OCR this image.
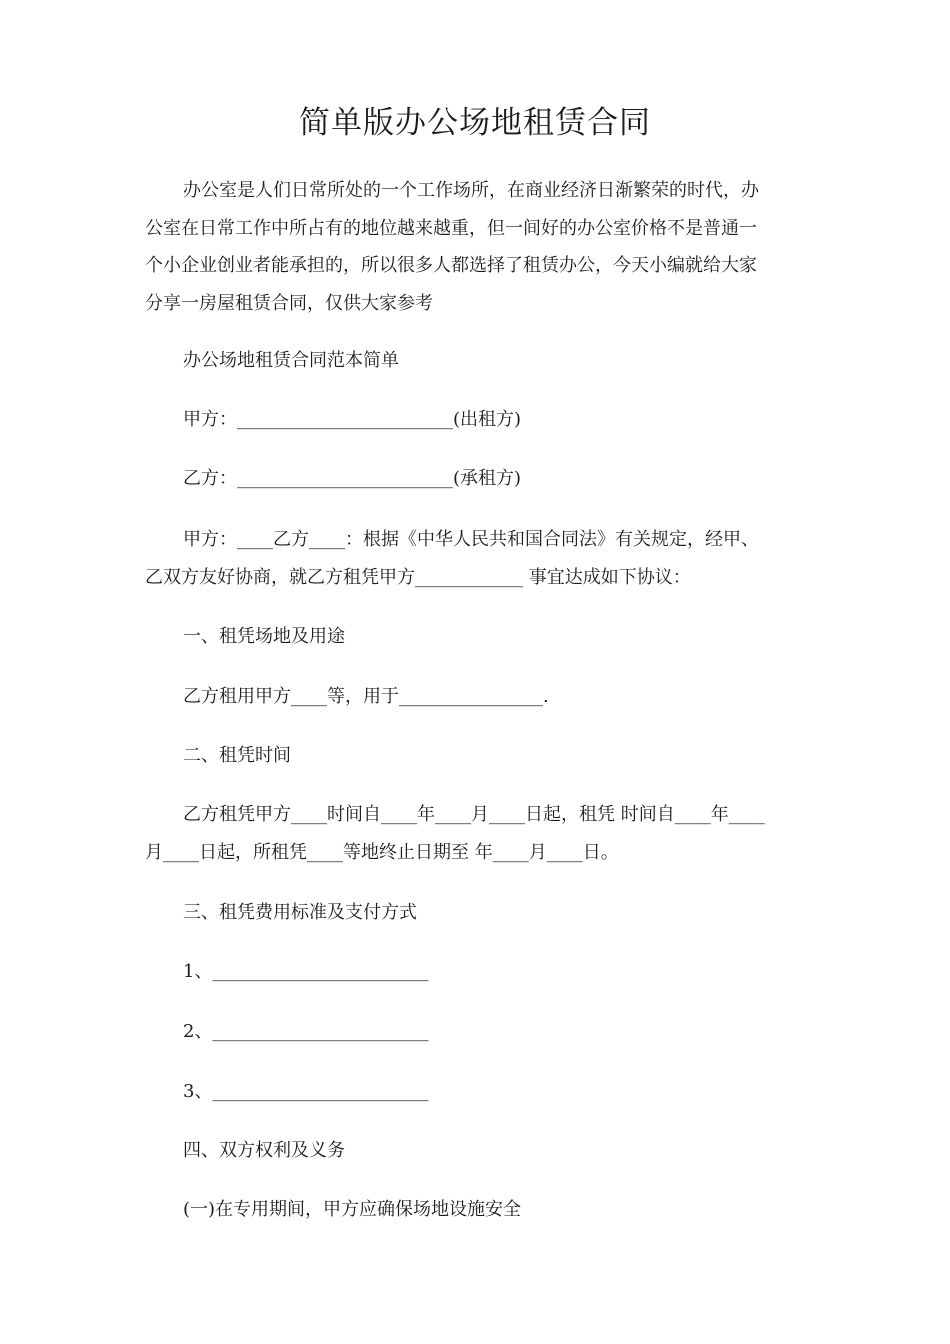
简单版办公场地租赁合同

办公室是人们日常所处的一个工作场所，在商业经济日渐繁荣的时代，办
公室在日常工作中所占有的地位越来越重，但一间好的办公室价格不是普通一
个小企业创业者能承担的，所以很多人都选择了租赁办公，今天小编就给大家
分享一房屋租赁合同，仅供大家参考

办公场地租赁合同范本简单

甲方：________________________(出租方)

乙方：________________________(承租方)

甲方：____乙方____：根据《中华人民共和国合同法》有关规定，经甲、

乙双方友好协商，就乙方租凭甲方____________ 事宜达成如下协议：

一、租凭场地及用途

乙方租用甲方____等，用于________________.

二、租凭时间

乙方租凭甲方____时间自____年____月____日起，租凭 时间自____年____

月____日起，所租凭____等地终止日期至 年____月____日。

三、租凭费用标准及支付方式

1、________________________

2、________________________

3、________________________

四、双方权利及义务

(一)在专用期间，甲方应确保场地设施安全
